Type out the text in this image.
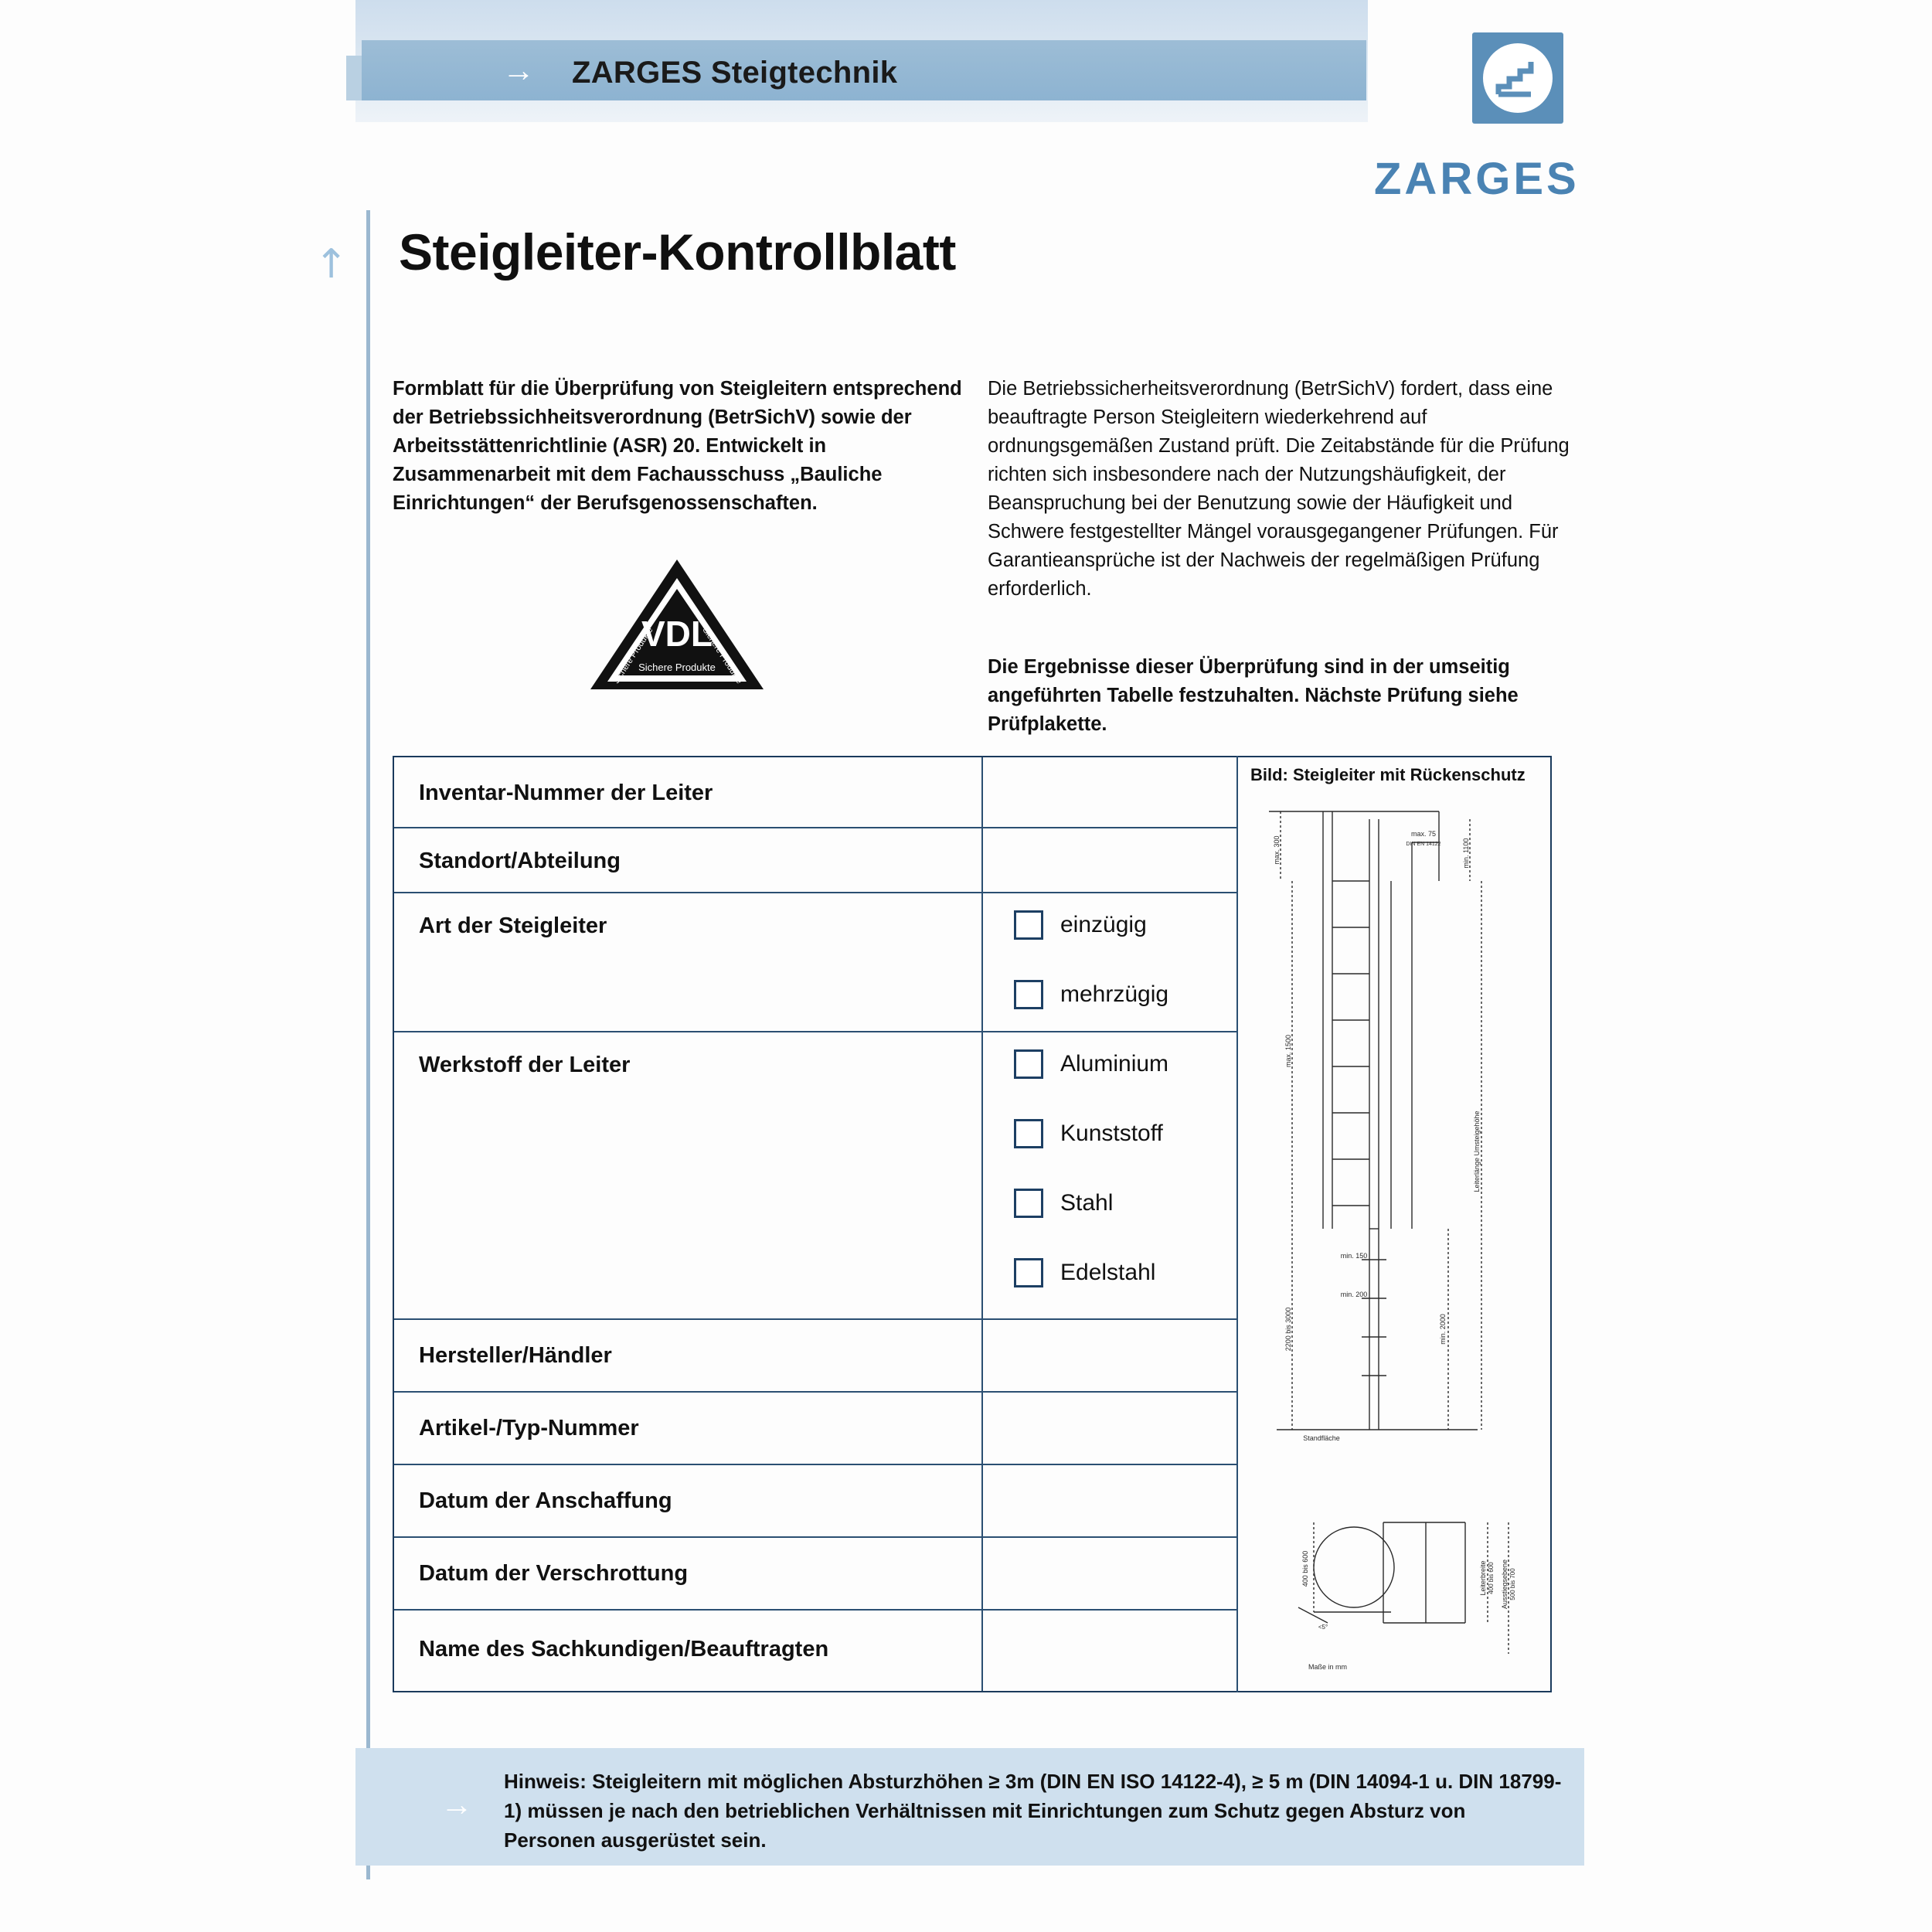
→ ZARGES Steigtechnik
ZARGES
↗ Steigleiter-Kontrollblatt
Formblatt für die Überprüfung von Steigleitern entsprechend der Betriebssichheitsverordnung (BetrSichV) sowie der Arbeitsstättenrichtlinie (ASR) 20. Entwickelt in Zusammenarbeit mit dem Fachausschuss „Bauliche Einrichtungen“ der Berufsgenossenschaften.
Die Betriebssicherheitsverordnung (BetrSichV) fordert, dass eine beauftragte Person Steigleitern wiederkehrend auf ordnungsgemäßen Zustand prüft. Die Zeitabstände für die Prüfung richten sich insbesondere nach der Nutzungshäufigkeit, der Beanspruchung bei der Benutzung sowie der Häufigkeit und Schwere festgestellter Mängel vorausgegangener Prüfungen. Für Garantieansprüche ist der Nachweis der regelmäßigen Prüfung erforderlich.
Die Ergebnisse dieser Überprüfung sind in der umseitig angeführten Tabelle festzuhalten. Nächste Prüfung siehe Prüfplakette.
VDL
Sichere Produkte
Sichere Produkte	Sichere Produkte
Inventar-Nummer der Leiter
Standort/Abteilung
Art der Steigleiter	einzügig
mehrzügig
Werkstoff der Leiter	Aluminium
Kunststoff
Stahl
Edelstahl
Hersteller/Händler
Artikel-/Typ-Nummer
Datum der Anschaffung
Datum der Verschrottung
Name des Sachkundigen/Beauftragten
Bild: Steigleiter mit Rückenschutz
max. 300	min. 1100
max. 75
DIN EN 14122
max. 1500
2200 bis 3000
min. 150
min. 200
min. 2000
Leiterlänge Umsteigehöhe
Standfläche
400 bis 600
<5°
Leiterbreite 400 bis 600 Ausstiegsebene 500 bis 700
Maße in mm
→
Hinweis: Steigleitern mit möglichen Absturzhöhen ≥ 3m (DIN EN ISO 14122-4), ≥ 5 m (DIN 14094-1 u. DIN 18799-1) müssen je nach den betrieblichen Verhältnissen mit Einrichtungen zum Schutz gegen Absturz von Personen ausgerüstet sein.
